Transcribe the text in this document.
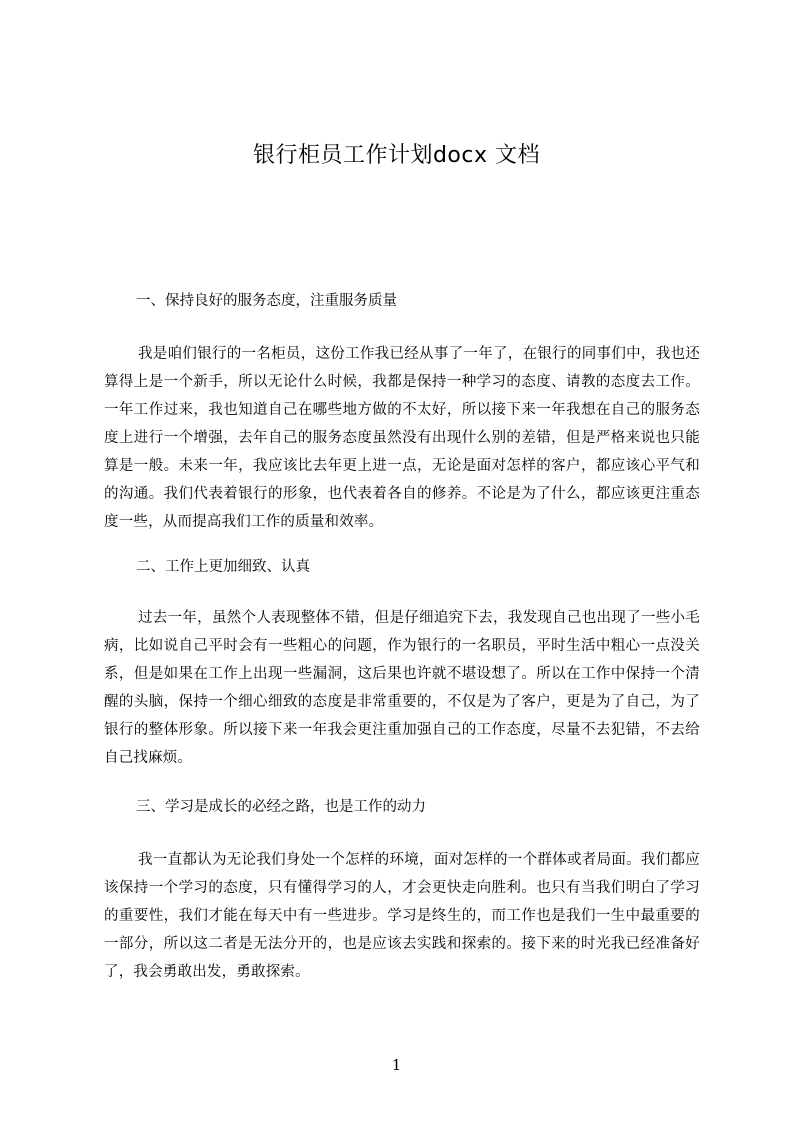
银行柜员工作计划docx 文档
一、保持良好的服务态度，注重服务质量
我是咱们银行的一名柜员，这份工作我已经从事了一年了，在银行的同事们中，我也还算得上是一个新手，所以无论什么时候，我都是保持一种学习的态度、请教的态度去工作。一年工作过来，我也知道自己在哪些地方做的不太好，所以接下来一年我想在自己的服务态度上进行一个增强，去年自己的服务态度虽然没有出现什么别的差错，但是严格来说也只能算是一般。未来一年，我应该比去年更上进一点，无论是面对怎样的客户，都应该心平气和的沟通。我们代表着银行的形象，也代表着各自的修养。不论是为了什么，都应该更注重态度一些，从而提高我们工作的质量和效率。
二、工作上更加细致、认真
过去一年，虽然个人表现整体不错，但是仔细追究下去，我发现自己也出现了一些小毛病，比如说自己平时会有一些粗心的问题，作为银行的一名职员，平时生活中粗心一点没关系，但是如果在工作上出现一些漏洞，这后果也许就不堪设想了。所以在工作中保持一个清醒的头脑，保持一个细心细致的态度是非常重要的，不仅是为了客户，更是为了自己，为了银行的整体形象。所以接下来一年我会更注重加强自己的工作态度，尽量不去犯错，不去给自己找麻烦。
三、学习是成长的必经之路，也是工作的动力
我一直都认为无论我们身处一个怎样的环境，面对怎样的一个群体或者局面。我们都应该保持一个学习的态度，只有懂得学习的人，才会更快走向胜利。也只有当我们明白了学习的重要性，我们才能在每天中有一些进步。学习是终生的，而工作也是我们一生中最重要的一部分，所以这二者是无法分开的，也是应该去实践和探索的。接下来的时光我已经准备好了，我会勇敢出发，勇敢探索。
1
